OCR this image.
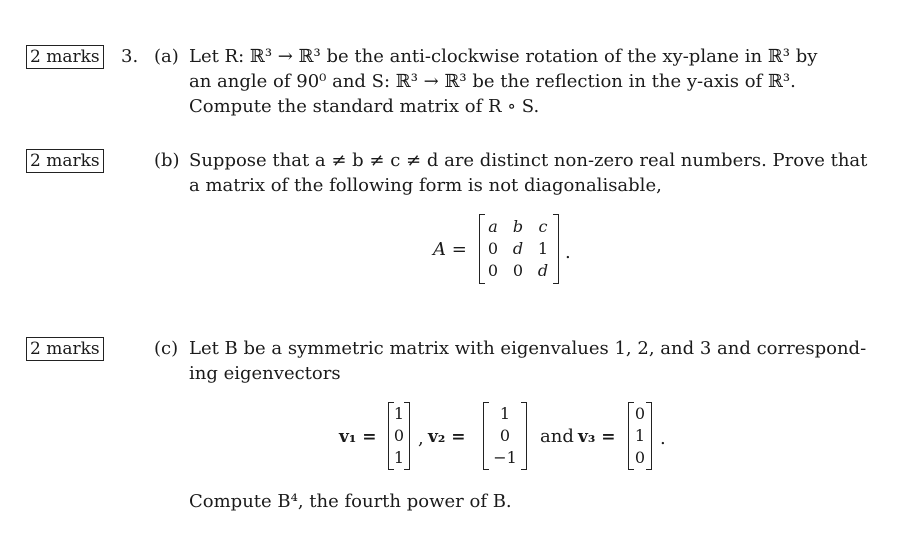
2 marks
2 marks
2 marks
3. (a) Let R: ℝ³ → ℝ³ be the anti-clockwise rotation of the xy-plane in ℝ³ by
an angle of 90⁰ and S: ℝ³ → ℝ³ be the reflection in the y-axis of ℝ³.
Compute the standard matrix of R ∘ S.
(b) Suppose that a ≠ b ≠ c ≠ d are distinct non-zero real numbers. Prove that
a matrix of the following form is not diagonalisable,
A =
a b c
0 d 1
0 0 d
.
(c) Let B be a symmetric matrix with eigenvalues 1, 2, and 3 and correspond-
ing eigenvectors
v₁ =
1
0
1
, v₂ =
1
0
−1
and v₃ =
0
1
0
.
Compute B⁴, the fourth power of B.
